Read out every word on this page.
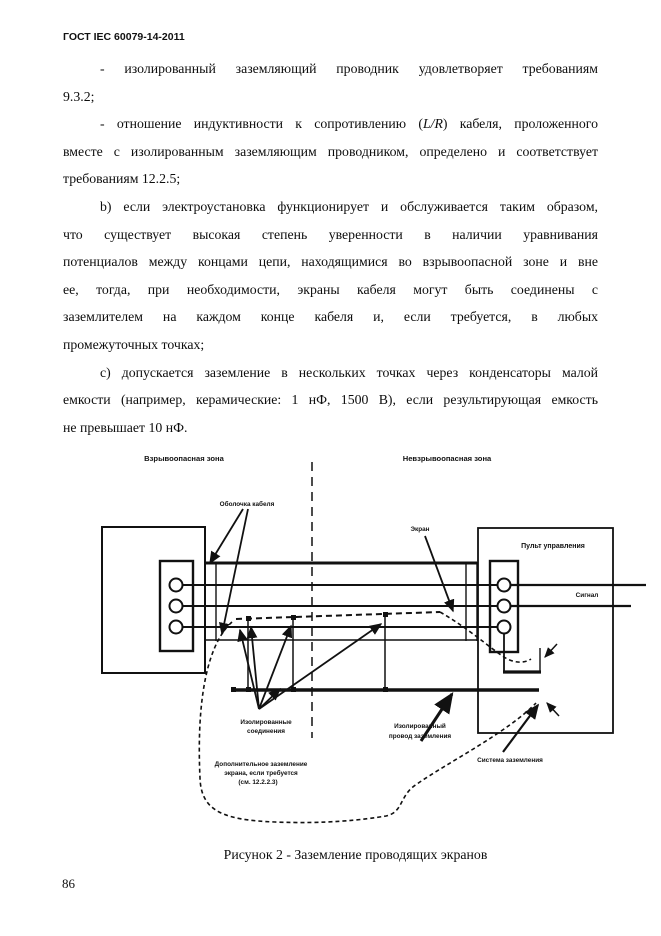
ГОСТ IEC 60079-14-2011
- изолированный заземляющий проводник удовлетворяет требованиям
9.3.2;
- отношение индуктивности к сопротивлению (L/R) кабеля, проложенного
вместе с изолированным заземляющим проводником, определено и соответствует
требованиям 12.2.5;
b) если электроустановка функционирует и обслуживается таким образом,
что существует высокая степень уверенности в наличии уравнивания
потенциалов между концами цепи, находящимися во взрывоопасной зоне и вне
ее, тогда, при необходимости, экраны кабеля могут быть соединены с
заземлителем на каждом конце кабеля и, если требуется, в любых
промежуточных точках;
c) допускается заземление в нескольких точках через конденсаторы малой
емкости (например, керамические: 1 нФ, 1500 В), если результирующая емкость
не превышает 10 нФ.
Взрывоопасная зона	Невзрывоопасная зона
Пульт управления
Сигнал
Оболочка кабеля
Экран
Изолированные
соединения
Изолированный
провод заземления
Дополнительное заземление
экрана, если требуется
(см. 12.2.2.3)
Система заземления
Рисунок 2 - Заземление проводящих экранов
86
